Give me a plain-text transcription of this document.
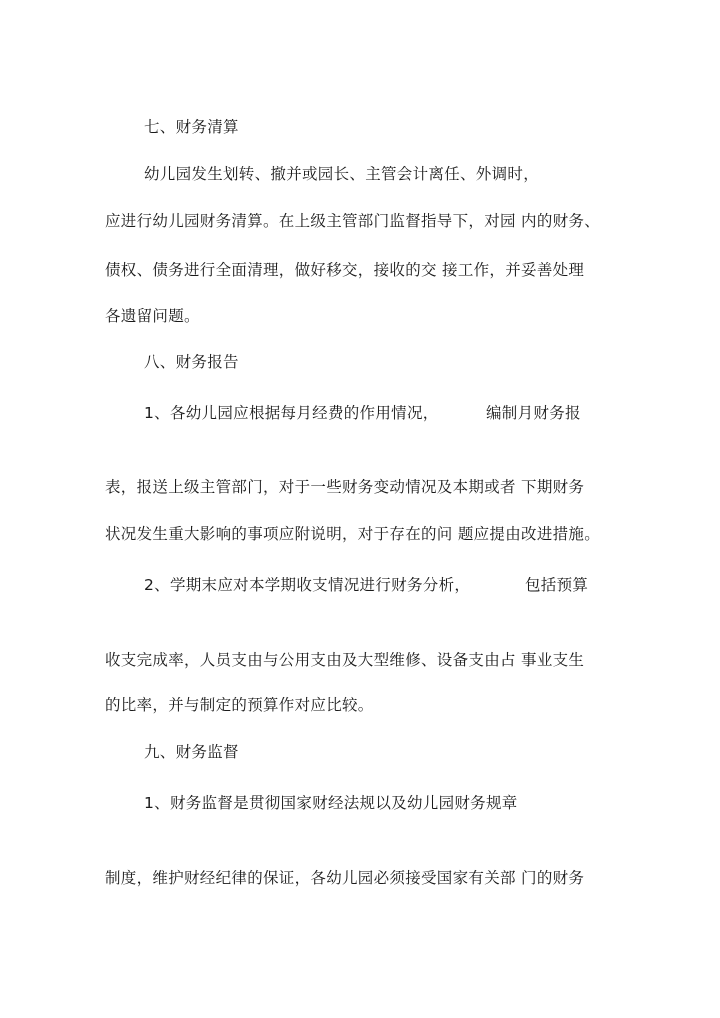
七、财务清算
幼儿园发生划转、撤并或园长、主管会计离任、外调时，
应进行幼儿园财务清算。在上级主管部门监督指导下，对园 内的财务、
债权、债务进行全面清理，做好移交，接收的交 接工作，并妥善处理
各遗留问题。
八、财务报告
1、各幼儿园应根据每月经费的作用情况，	编制月财务报
表，报送上级主管部门，对于一些财务变动情况及本期或者 下期财务
状况发生重大影响的事项应附说明，对于存在的问 题应提由改进措施。
2、学期末应对本学期收支情况进行财务分析，	包括预算
收支完成率，人员支由与公用支由及大型维修、设备支由占 事业支生
的比率，并与制定的预算作对应比较。
九、财务监督
1、财务监督是贯彻国家财经法规以及幼儿园财务规章
制度，维护财经纪律的保证，各幼儿园必须接受国家有关部 门的财务
